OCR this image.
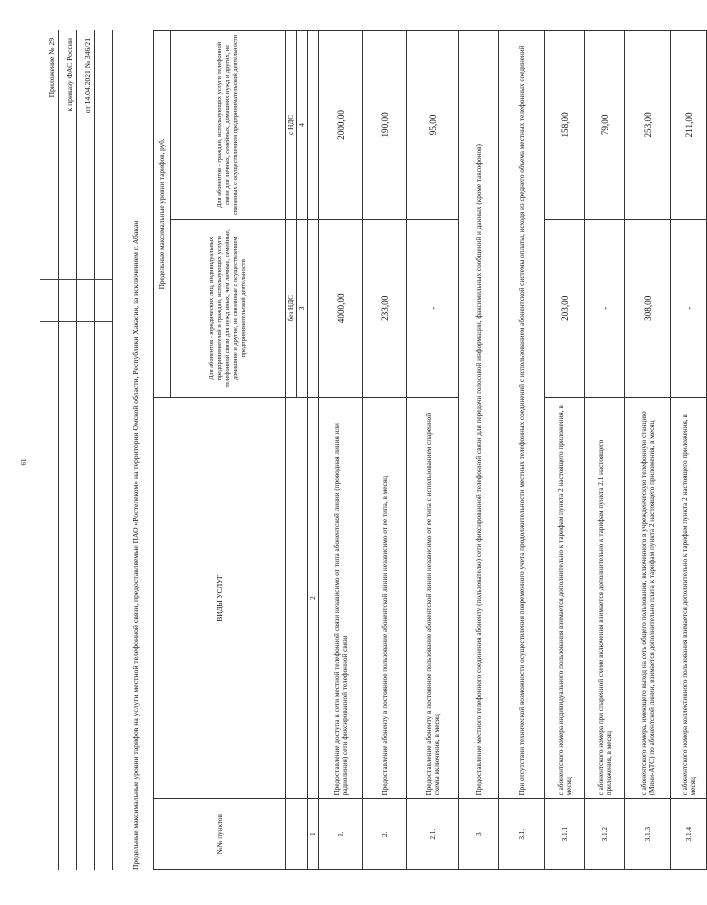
61
Приложение № 29 к приказу ФАС России от 14.04.2021 № 346/21
Предельные максимальные уровни тарифов на услуги местной телефонной связи, предоставляемые ПАО «Ростелеком» на территории Омской области, Республики Хакасия, за исключением г. Абакан	№№ пунктов	ВИДЫ УСЛУГ	Предельные максимальные уровни тарифов, руб.	
		Для абонентов - юридических лиц, индивидуальных предпринимателей и граждан, использующих услуги телефонной связи для нужд иных, чем личные, семейные, домашние и другие, не связанные с осуществлением предпринимательской деятельности	Для абонентов - граждан, использующих услуги телефонной связи для личных, семейных, домашних нужд и других, не связанных с осуществлением предпринимательской деятельности
		без НДС	с НДС
		3	4
1	2		
1.	Предоставление доступа к сети местной телефонной связи независимо от типа абонентской линии (проводная линия или радиолиния) сети фиксированной телефонной связи	4000,00	2000,00
2.	Предоставление абоненту в постоянное пользование абонентской линии независимо от ее типа, в месяц	233,00	190,00
2.1.	Предоставление абоненту в постоянное пользование абонентской линии независимо от ее типа с использованием спаренной схемы включения, в месяц	-	95,00
3	Предоставление местного телефонного соединения абоненту (пользователю) сети фиксированной телефонной связи для передачи голосовой информации, факсимильных сообщений и данных (кроме таксофонов)		
3.1.	При отсутствии технической возможности осуществления повременного учета продолжительности местных телефонных соединений с использованием абонентской системы оплаты, исходя из среднего объема местных телефонных соединений		
3.1.1	с абонентского номера индивидуального пользования взимается дополнительно к тарифам пункта 2 настоящего приложения, в месяц	203,00	158,00
3.1.2	с абонентского номера при спаренной схеме включения взимается дополнительно к тарифам пункта 2.1 настоящего приложения, в месяц	-	79,00
3.1.3	с абонентского номера, имеющего выход на сеть общего пользования, включенного в учрежденческую телефонную станцию (Мини-АТС) по абонентской линии, взимается дополнительно плата к тарифам пункта 2 настоящего приложения, в месяц	308,00	253,00
3.1.4	с абонентского номера коллективного пользования взимается дополнительно к тарифам пункта 2 настоящего приложения, в месяц	-	211,00
